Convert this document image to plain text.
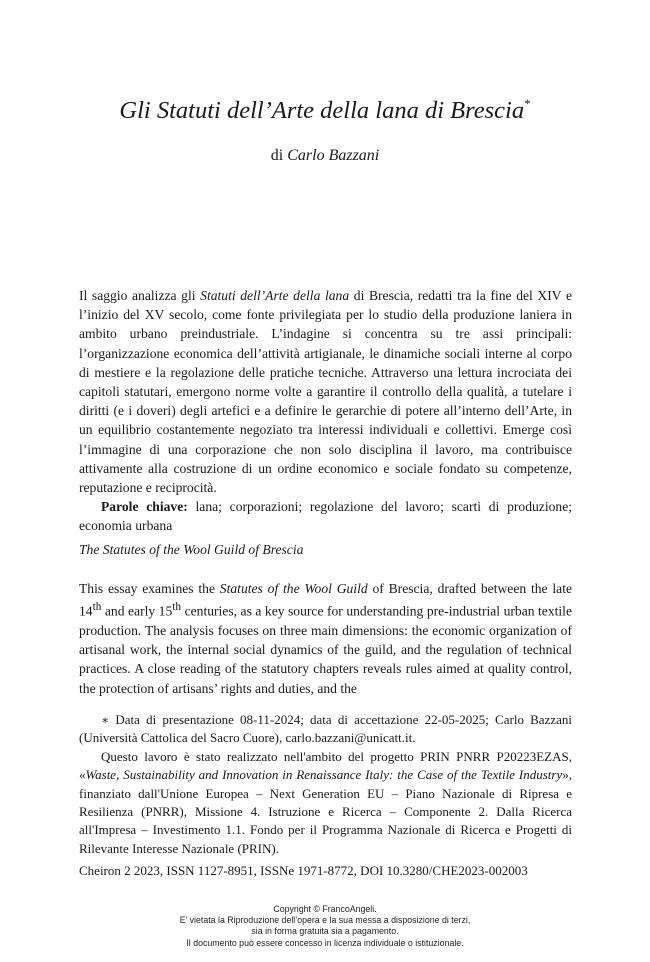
Gli Statuti dell’Arte della lana di Brescia*
di Carlo Bazzani

Il saggio analizza gli Statuti dell’Arte della lana di Brescia, redatti tra la fine del XIV e l’inizio del XV secolo, come fonte privilegiata per lo studio della produzione laniera in ambito urbano preindustriale. L’indagine si concentra su tre assi principali: l’organizzazione economica dell’attività artigianale, le dinamiche sociali interne al corpo di mestiere e la regolazione delle pratiche tecniche. Attraverso una lettura incrociata dei capitoli statutari, emergono norme volte a garantire il controllo della qualità, a tutelare i diritti (e i doveri) degli artefici e a definire le gerarchie di potere all’interno dell’Arte, in un equilibrio costantemente negoziato tra interessi individuali e collettivi. Emerge così l’immagine di una corporazione che non solo disciplina il lavoro, ma contribuisce attivamente alla costruzione di un ordine economico e sociale fondato su competenze, reputazione e reciprocità.

Parole chiave: lana; corporazioni; regolazione del lavoro; scarti di produzione; economia urbana

The Statutes of the Wool Guild of Brescia
This essay examines the Statutes of the Wool Guild of Brescia, drafted between the late 14th and early 15th centuries, as a key source for understanding pre-industrial urban textile production. The analysis focuses on three main dimensions: the economic organization of artisanal work, the internal social dynamics of the guild, and the regulation of technical practices. A close reading of the statutory chapters reveals rules aimed at quality control, the protection of artisans’ rights and duties, and the

∗ Data di presentazione 08-11-2024; data di accettazione 22-05-2025; Carlo Bazzani (Università Cattolica del Sacro Cuore), carlo.bazzani@unicatt.it.

Questo lavoro è stato realizzato nell'ambito del progetto PRIN PNRR P20223EZAS, «Waste, Sustainability and Innovation in Renaissance Italy: the Case of the Textile Industry», finanziato dall'Unione Europea – Next Generation EU – Piano Nazionale di Ripresa e Resilienza (PNRR), Missione 4. Istruzione e Ricerca – Componente 2. Dalla Ricerca all'Impresa – Investimento 1.1. Fondo per il Programma Nazionale di Ricerca e Progetti di Rilevante Interesse Nazionale (PRIN).

Cheiron 2 2023, ISSN 1127-8951, ISSNe 1971-8772, DOI 10.3280/CHE2023-002003
Copyright © FrancoAngeli.
E’ vietata la Riproduzione dell’opera e la sua messa a disposizione di terzi,
sia in forma gratuita sia a pagamento.
Il documento può essere concesso in licenza individuale o istituzionale.
